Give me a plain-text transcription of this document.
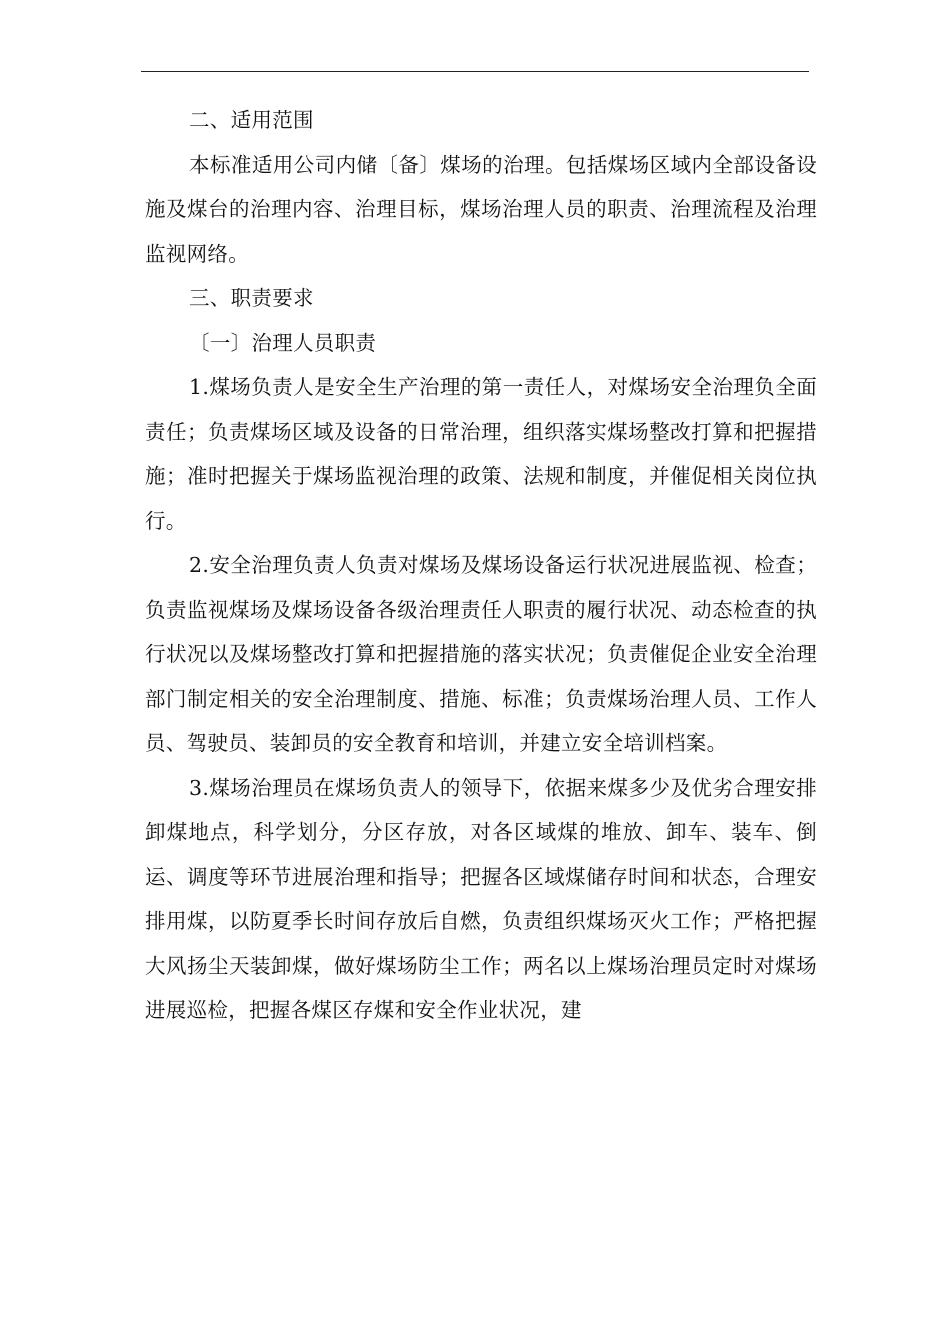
二、适用范围

本标准适用公司内储〔备〕煤场的治理。包括煤场区域内全部设备设施及煤台的治理内容、治理目标，煤场治理人员的职责、治理流程及治理监视网络。

三、职责要求

〔一〕治理人员职责

1.煤场负责人是安全生产治理的第一责任人，对煤场安全治理负全面责任；负责煤场区域及设备的日常治理，组织落实煤场整改打算和把握措施；准时把握关于煤场监视治理的政策、法规和制度，并催促相关岗位执行。

2.安全治理负责人负责对煤场及煤场设备运行状况进展监视、检查；负责监视煤场及煤场设备各级治理责任人职责的履行状况、动态检查的执行状况以及煤场整改打算和把握措施的落实状况；负责催促企业安全治理部门制定相关的安全治理制度、措施、标准；负责煤场治理人员、工作人员、驾驶员、装卸员的安全教育和培训，并建立安全培训档案。

3.煤场治理员在煤场负责人的领导下，依据来煤多少及优劣合理安排卸煤地点，科学划分，分区存放，对各区域煤的堆放、卸车、装车、倒运、调度等环节进展治理和指导；把握各区域煤储存时间和状态，合理安排用煤，以防夏季长时间存放后自燃，负责组织煤场灭火工作；严格把握大风扬尘天装卸煤，做好煤场防尘工作；两名以上煤场治理员定时对煤场进展巡检，把握各煤区存煤和安全作业状况，建
